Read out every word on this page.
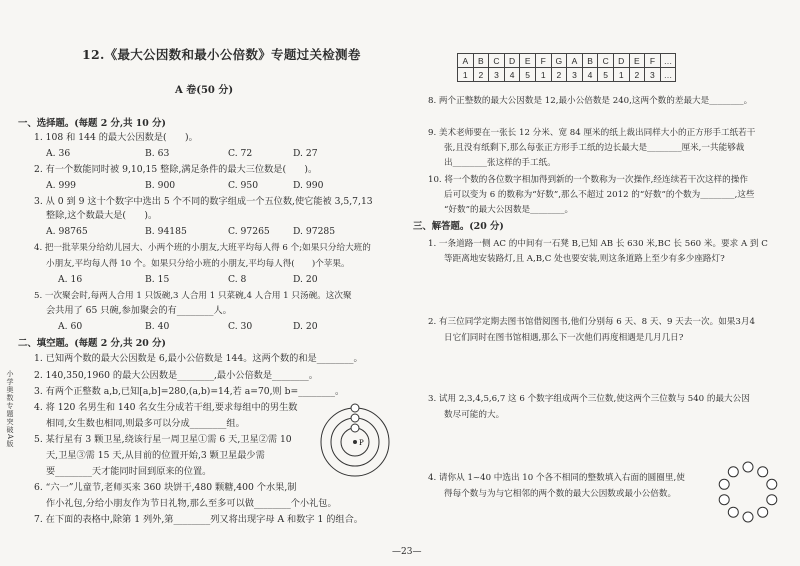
12.《最大公因数和最小公倍数》专题过关检测卷
A 卷(50 分)
一、选择题。(每题 2 分,共 10 分)
1. 108 和 144 的最大公因数是(　　)。
A. 36	B. 63	C. 72	D. 27
2. 有一个数能同时被 9,10,15 整除,满足条件的最大三位数是(　　)。
A. 999	B. 900	C. 950	D. 990
3. 从 0 到 9 这十个数字中选出 5 个不同的数字组成一个五位数,使它能被 3,5,7,13
整除,这个数最大是(　　)。
A. 98765	B. 94185	C. 97265	D. 97285
4. 把一批苹果分给幼儿园大、小两个班的小朋友,大班平均每人得 6 个;如果只分给大班的
小朋友,平均每人得 10 个。如果只分给小班的小朋友,平均每人得(　　)个苹果。
A. 16	B. 15	C. 8	D. 20
5. 一次聚会时,每两人合用 1 只饭碗,3 人合用 1 只菜碗,4 人合用 1 只汤碗。这次聚
会共用了 65 只碗,参加聚会的有________人。
A. 60	B. 40	C. 30	D. 20
二、填空题。(每题 2 分,共 20 分)
1. 已知两个数的最大公因数是 6,最小公倍数是 144。这两个数的和是________。
2. 140,350,1960 的最大公因数是________,最小公倍数是________。
3. 有两个正整数 a,b,已知[a,b]=280,(a,b)=14,若 a=70,则 b=________。
4. 将 120 名男生和 140 名女生分成若干组,要求每组中的男生数
相同,女生数也相同,则最多可以分成________组。
5. 某行星有 3 颗卫星,绕该行星一周卫星①需 6 天,卫星②需 10
天,卫星③需 15 天,从目前的位置开始,3 颗卫星最少需
要________天才能同时回到原来的位置。
6. “六一”儿童节,老师买来 360 块饼干,480 颗糖,400 个水果,制
作小礼包,分给小朋友作为节日礼物,那么至多可以做________个小礼包。
7. 在下面的表格中,除第 1 列外,第________列又将出现字母 A 和数字 1 的组合。
P
小学奥数专题突破A版
—23—
A	B	C	D	E	F	G	A	B	C	D	E	F	…
1	2	3	4	5	1	2	3	4	5	1	2	3	…
8. 两个正整数的最大公因数是 12,最小公倍数是 240,这两个数的差最大是________。
9. 美术老师要在一张长 12 分米、宽 84 厘米的纸上裁出同样大小的正方形手工纸若干
张,且没有纸剩下,那么每张正方形手工纸的边长最大是________厘米,一共能够裁
出________张这样的手工纸。
10. 将一个数的各位数字相加得到新的一个数称为一次操作,经连续若干次这样的操作
后可以变为 6 的数称为“好数”,那么不超过 2012 的“好数”的个数为________,这些
“好数”的最大公因数是________。
三、解答题。(20 分)
1. 一条道路一侧 AC 的中间有一石凳 B,已知 AB 长 630 米,BC 长 560 米。要求 A 到 C
等距离地安装路灯,且 A,B,C 处也要安装,则这条道路上至少有多少座路灯?
2. 有三位同学定期去图书馆借阅图书,他们分别每 6 天、8 天、9 天去一次。如果3月4
日它们同时在图书馆相遇,那么下一次他们再度相遇是几月几日?
3. 试用 2,3,4,5,6,7 这 6 个数字组成两个三位数,使这两个三位数与 540 的最大公因
数尽可能的大。
4. 请你从 1~40 中选出 10 个各不相同的整数填入右面的圆圈里,使
得每个数与为与它相邻的两个数的最大公因数或最小公倍数。
